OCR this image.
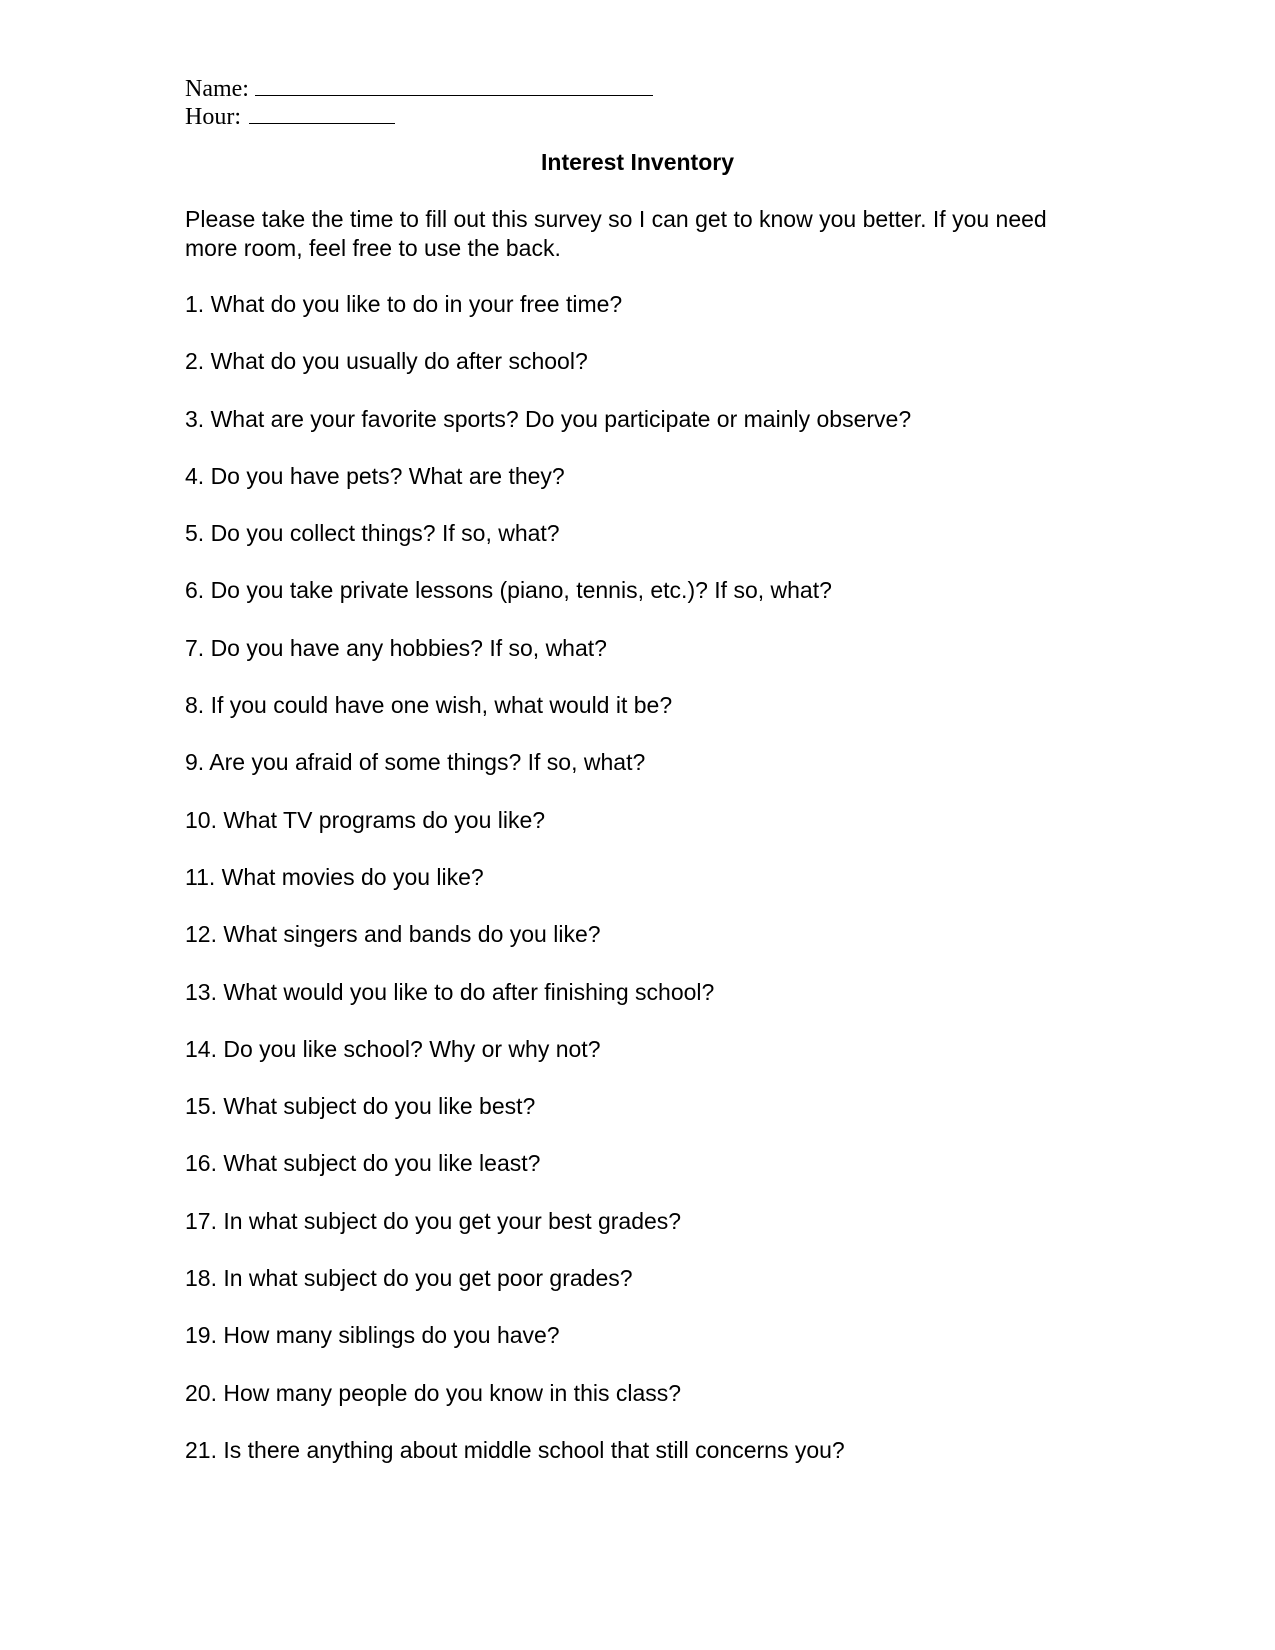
Name:
Hour:
Interest Inventory
Please take the time to fill out this survey so I can get to know you better. If you need more room, feel free to use the back.
1. What do you like to do in your free time?
2. What do you usually do after school?
3. What are your favorite sports? Do you participate or mainly observe?
4. Do you have pets? What are they?
5. Do you collect things? If so, what?
6. Do you take private lessons (piano, tennis, etc.)? If so, what?
7. Do you have any hobbies? If so, what?
8. If you could have one wish, what would it be?
9. Are you afraid of some things? If so, what?
10. What TV programs do you like?
11. What movies do you like?
12. What singers and bands do you like?
13. What would you like to do after finishing school?
14. Do you like school? Why or why not?
15. What subject do you like best?
16. What subject do you like least?
17. In what subject do you get your best grades?
18. In what subject do you get poor grades?
19. How many siblings do you have?
20. How many people do you know in this class?
21. Is there anything about middle school that still concerns you?
